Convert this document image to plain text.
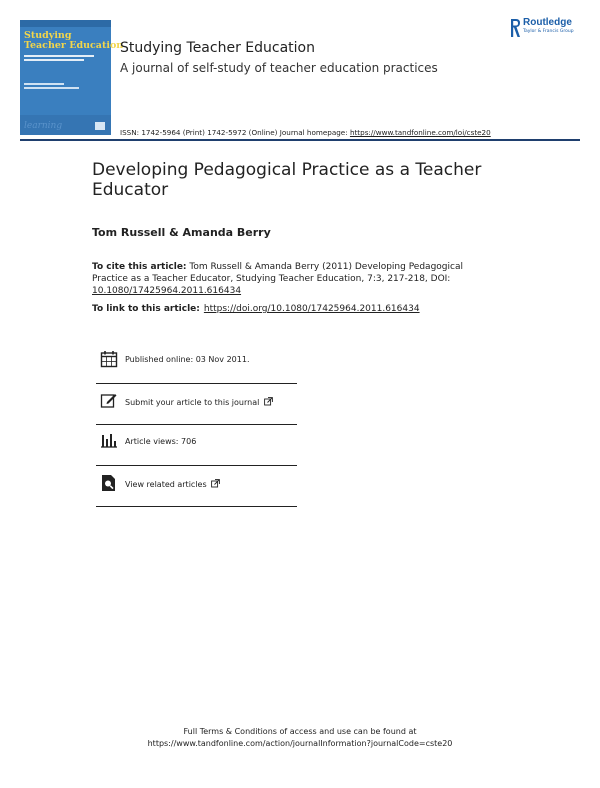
Studying
Teacher Education
learning
Studying Teacher Education
A journal of self-study of teacher education practices
ISSN: 1742-5964 (Print) 1742-5972 (Online) Journal homepage: https://www.tandfonline.com/loi/cste20
Routledge
Taylor & Francis Group
Developing Pedagogical Practice as a Teacher Educator
Tom Russell & Amanda Berry
To cite this article: Tom Russell & Amanda Berry (2011) Developing Pedagogical Practice as a Teacher Educator, Studying Teacher Education, 7:3, 217-218, DOI: 10.1080/17425964.2011.616434
To link to this article: https://doi.org/10.1080/17425964.2011.616434
Published online: 03 Nov 2011.
Submit your article to this journal
Article views: 706
View related articles
Full Terms & Conditions of access and use can be found at
https://www.tandfonline.com/action/journalInformation?journalCode=cste20
